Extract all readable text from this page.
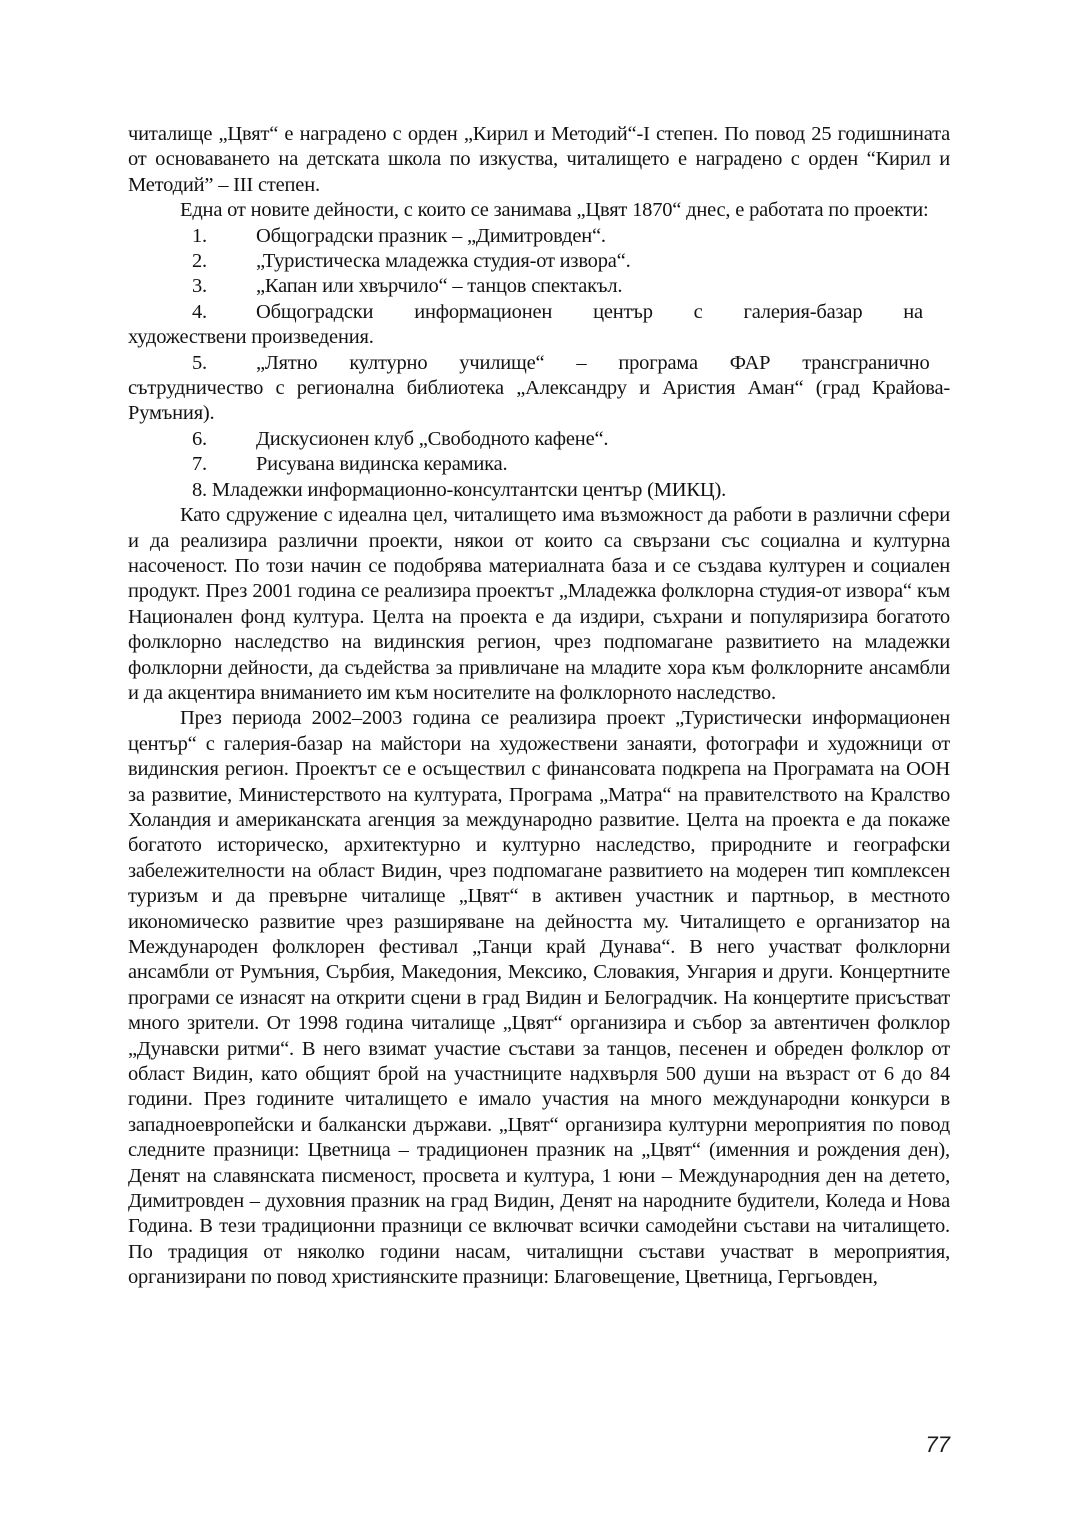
читалище „Цвят“ е наградено с орден „Кирил и Методий“-I степен. По повод 25 годишнината от основаването на детската школа по изкуства, читалището е наградено с орден “Кирил и Методий” – III степен.

Една от новите дейности, с които се занимава „Цвят 1870“ днес, е работата по проекти:

1. Общоградски празник – „Димитровден“.

2. „Туристическа младежка студия-от извора“.

3. „Капан или хвърчило“ – танцов спектакъл.

4. Общоградски информационен център с галерия-базар на
художествени произведения.

5. „Лятно културно училище“ – програма ФАР трансгранично
сътрудничество с регионална библиотека „Александру и Аристия Аман“ (град Крайова-Румъния).

6. Дискусионен клуб „Свободното кафене“.

7. Рисувана видинска керамика.

8. Младежки информационно-консултантски център (МИКЦ).

Като сдружение с идеална цел, читалището има възможност да работи в различни сфери и да реализира различни проекти, някои от които са свързани със социална и културна насоченост. По този начин се подобрява материалната база и се създава културен и социален продукт. През 2001 година се реализира проектът „Младежка фолклорна студия-от извора“ към Национален фонд култура. Целта на проекта е да издири, съхрани и популяризира богатото фолклорно наследство на видинския регион, чрез подпомагане развитието на младежки фолклорни дейности, да съдейства за привличане на младите хора към фолклорните ансамбли и да акцентира вниманието им към носителите на фолклорното наследство.

През периода 2002–2003 година се реализира проект „Туристически информационен център“ с галерия-базар на майстори на художествени занаяти, фотографи и художници от видинския регион. Проектът се е осъществил с финансовата подкрепа на Програмата на ООН за развитие, Министерството на културата, Програма „Матра“ на правителството на Кралство Холандия и американската агенция за международно развитие. Целта на проекта е да покаже богатото историческо, архитектурно и културно наследство, природните и географски забележителности на област Видин, чрез подпомагане развитието на модерен тип комплексен туризъм и да превърне читалище „Цвят“ в активен участник и партньор, в местното икономическо развитие чрез разширяване на дейността му. Читалището е организатор на Международен фолклорен фестивал „Танци край Дунава“. В него участват фолклорни ансамбли от Румъния, Сърбия, Македония, Мексико, Словакия, Унгария и други. Концертните програми се изнасят на открити сцени в град Видин и Белоградчик. На концертите присъстват много зрители. От 1998 година читалище „Цвят“ организира и събор за автентичен фолклор „Дунавски ритми“. В него взимат участие състави за танцов, песенен и обреден фолклор от област Видин, като общият брой на участниците надхвърля 500 души на възраст от 6 до 84 години. През годините читалището е имало участия на много международни конкурси в западноевропейски и балкански държави. „Цвят“ организира културни мероприятия по повод следните празници: Цветница – традиционен празник на „Цвят“ (именния и рождения ден), Денят на славянската писменост, просвета и култура, 1 юни – Международния ден на детето, Димитровден – духовния празник на град Видин, Денят на народните будители, Коледа и Нова Година. В тези традиционни празници се включват всички самодейни състави на читалището. По традиция от няколко години насам, читалищни състави участват в мероприятия, организирани по повод християнските празници: Благовещение, Цветница, Гергьовден,

77
